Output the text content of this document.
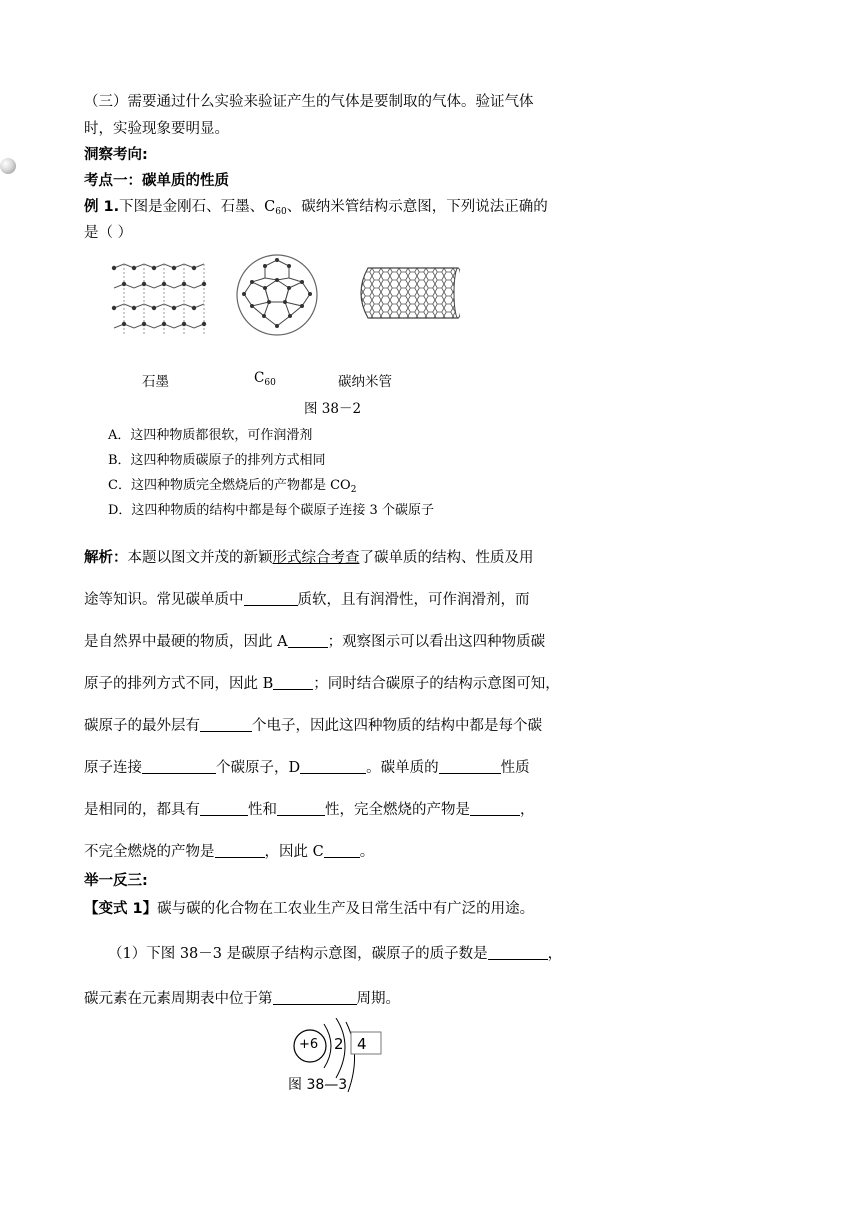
（三）需要通过什么实验来验证产生的气体是要制取的气体。验证气体
时，实验现象要明显。
洞察考向:
考点一：碳单质的性质
例 1.下图是金刚石、石墨、$C_{60}$、碳纳米管结构示意图，下列说法正确的
是（ ）
石墨	$C_{60}$	碳纳米管
图 38－2
A．这四种物质都很软，可作润滑剂
B．这四种物质碳原子的排列方式相同
C．这四种物质完全燃烧后的产物都是 $CO_2$
D．这四种物质的结构中都是每个碳原子连接 3 个碳原子
解析：本题以图文并茂的新颖形式综合考查了碳单质的结构、性质及用
途等知识。常见碳单质中	质软，且有润滑性，可作润滑剂，而
是自然界中最硬的物质，因此 A	；观察图示可以看出这四种物质碳
原子的排列方式不同，因此 B	；同时结合碳原子的结构示意图可知，
碳原子的最外层有	个电子，因此这四种物质的结构中都是每个碳
原子连接	个碳原子，D	。碳单质的	性质
是相同的，都具有	性和	性，完全燃烧的产物是	，
不完全燃烧的产物是	，因此 C 。
举一反三:
【变式 1】碳与碳的化合物在工农业生产及日常生活中有广泛的用途。
（1）下图 38－3 是碳原子结构示意图，碳原子的质子数是	，
碳元素在元素周期表中位于第	周期。
+6 2 4
图 38—3
